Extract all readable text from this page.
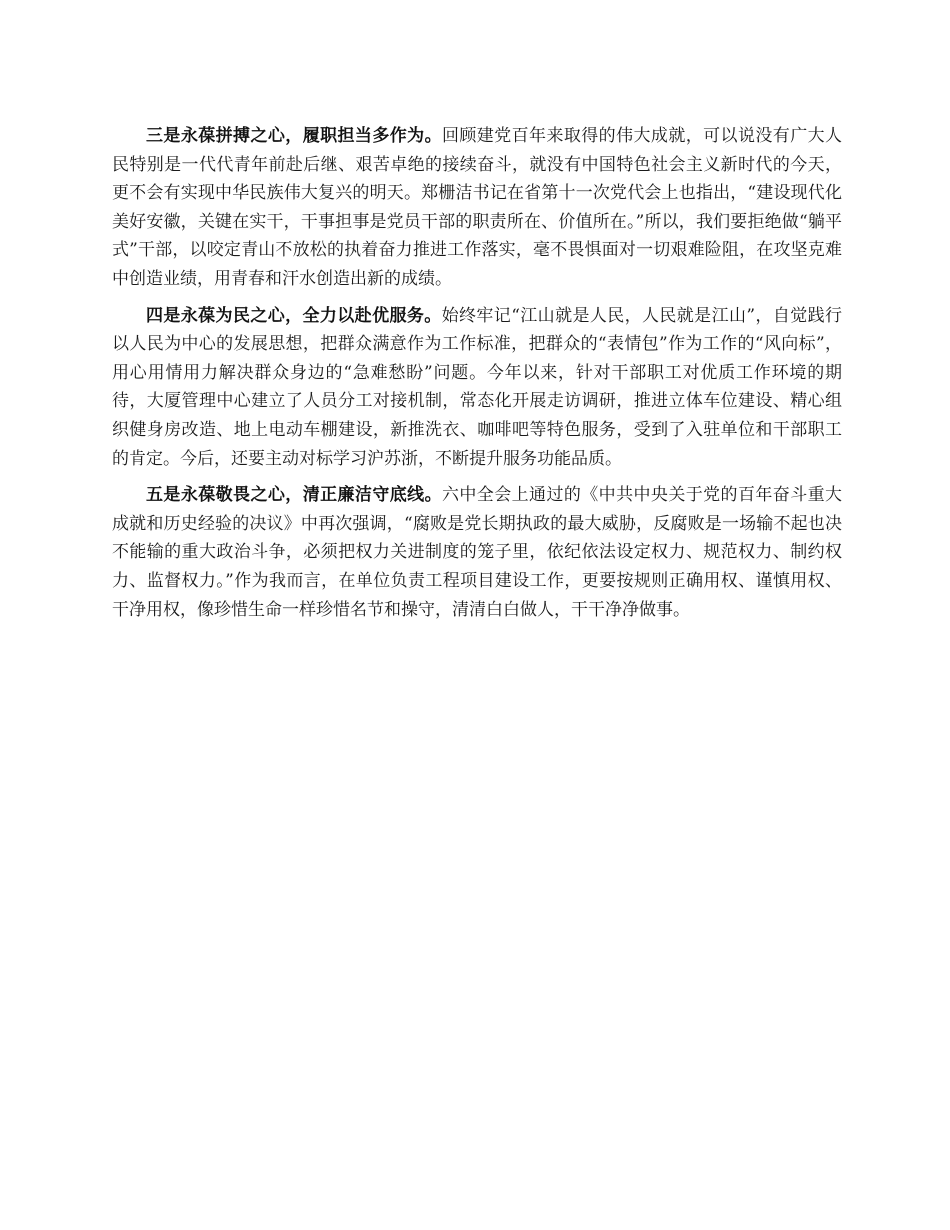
三是永葆拼搏之心，履职担当多作为。回顾建党百年来取得的伟大成就，可以说没有广大人民特别是一代代青年前赴后继、艰苦卓绝的接续奋斗，就没有中国特色社会主义新时代的今天，更不会有实现中华民族伟大复兴的明天。郑栅洁书记在省第十一次党代会上也指出，“建设现代化美好安徽，关键在实干，干事担事是党员干部的职责所在、价值所在。”所以，我们要拒绝做“躺平式”干部，以咬定青山不放松的执着奋力推进工作落实，毫不畏惧面对一切艰难险阻，在攻坚克难中创造业绩，用青春和汗水创造出新的成绩。

四是永葆为民之心，全力以赴优服务。始终牢记“江山就是人民，人民就是江山”，自觉践行以人民为中心的发展思想，把群众满意作为工作标准，把群众的“表情包”作为工作的“风向标”，用心用情用力解决群众身边的“急难愁盼”问题。今年以来，针对干部职工对优质工作环境的期待，大厦管理中心建立了人员分工对接机制，常态化开展走访调研，推进立体车位建设、精心组织健身房改造、地上电动车棚建设，新推洗衣、咖啡吧等特色服务，受到了入驻单位和干部职工的肯定。今后，还要主动对标学习沪苏浙，不断提升服务功能品质。

五是永葆敬畏之心，清正廉洁守底线。六中全会上通过的《中共中央关于党的百年奋斗重大成就和历史经验的决议》中再次强调，“腐败是党长期执政的最大威胁，反腐败是一场输不起也决不能输的重大政治斗争，必须把权力关进制度的笼子里，依纪依法设定权力、规范权力、制约权力、监督权力。”作为我而言，在单位负责工程项目建设工作，更要按规则正确用权、谨慎用权、干净用权，像珍惜生命一样珍惜名节和操守，清清白白做人，干干净净做事。
